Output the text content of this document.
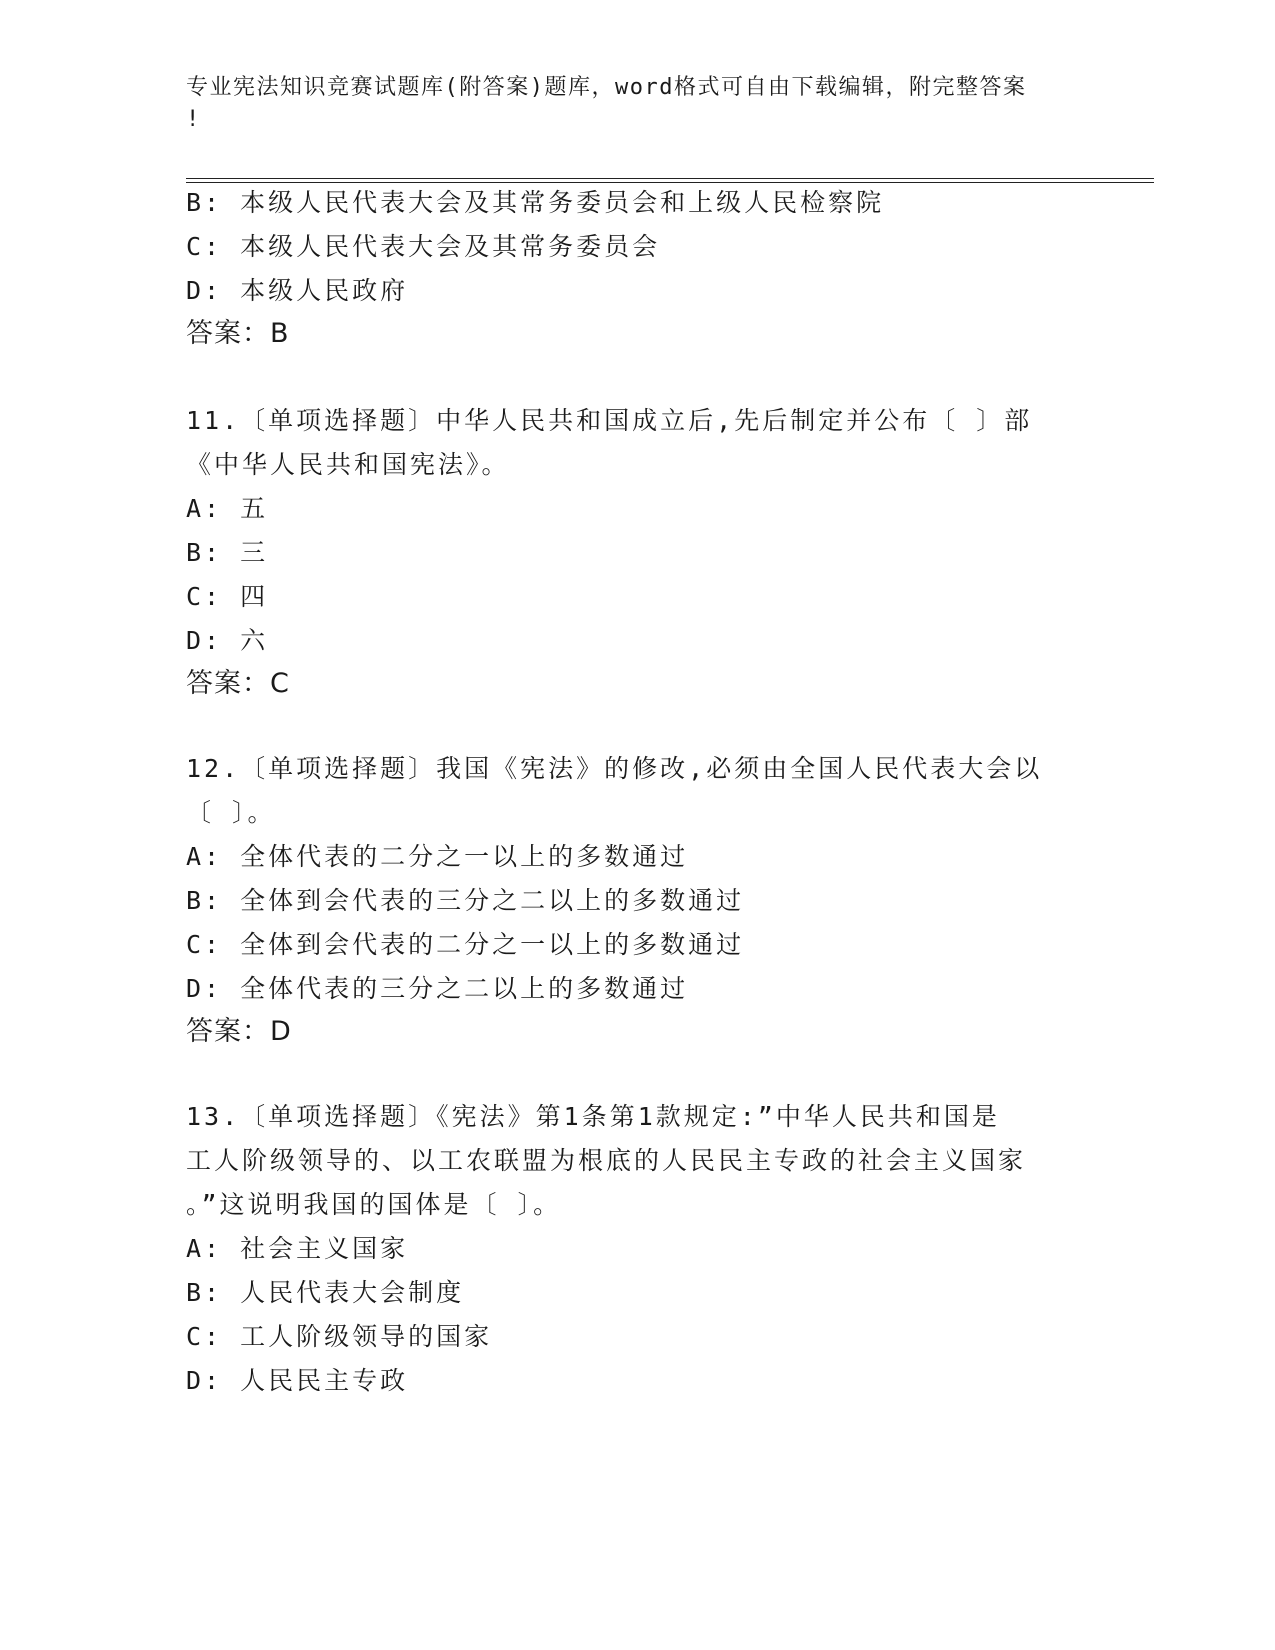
专业宪法知识竞赛试题库(附答案)题库，word格式可自由下载编辑，附完整答案
!
B: 本级人民代表大会及其常务委员会和上级人民检察院
C: 本级人民代表大会及其常务委员会
D: 本级人民政府
答案：B
11.〔单项选择题〕中华人民共和国成立后,先后制定并公布〔 〕部
《中华人民共和国宪法》。
A: 五
B: 三
C: 四
D: 六
答案：C
12.〔单项选择题〕我国《宪法》的修改,必须由全国人民代表大会以
〔 〕。
A: 全体代表的二分之一以上的多数通过
B: 全体到会代表的三分之二以上的多数通过
C: 全体到会代表的二分之一以上的多数通过
D: 全体代表的三分之二以上的多数通过
答案：D
13.〔单项选择题〕《宪法》第1条第1款规定:”中华人民共和国是
工人阶级领导的、以工农联盟为根底的人民民主专政的社会主义国家
。”这说明我国的国体是〔 〕。
A: 社会主义国家
B: 人民代表大会制度
C: 工人阶级领导的国家
D: 人民民主专政
